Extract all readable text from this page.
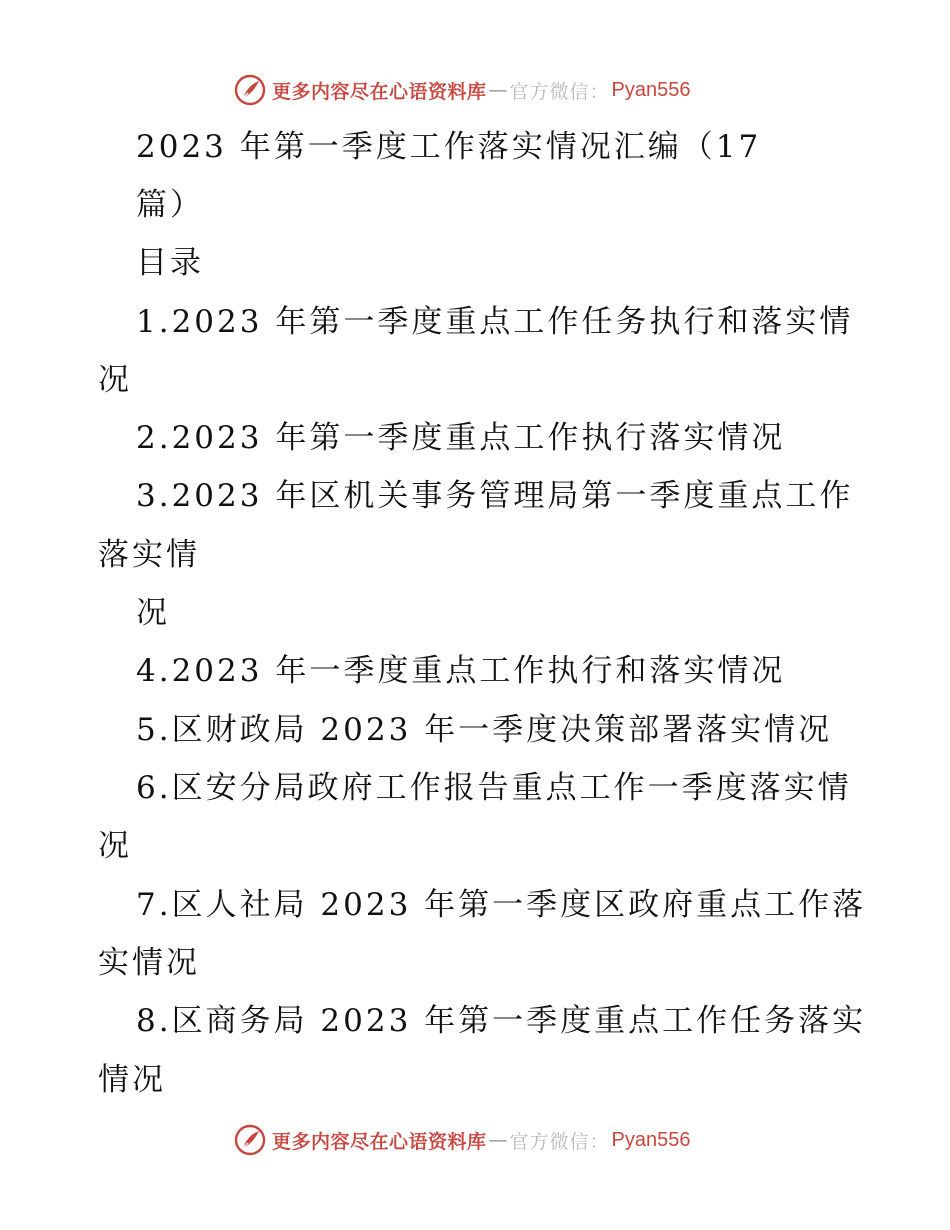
更多内容尽在心语资料库 — 官方微信： Pyan556
2023 年第一季度工作落实情况汇编（17
篇）
目录
1.2023 年第一季度重点工作任务执行和落实情
况
2.2023 年第一季度重点工作执行落实情况
3.2023 年区机关事务管理局第一季度重点工作
落实情
况
4.2023 年一季度重点工作执行和落实情况
5.区财政局 2023 年一季度决策部署落实情况
6.区安分局政府工作报告重点工作一季度落实情
况
7.区人社局 2023 年第一季度区政府重点工作落
实情况
8.区商务局 2023 年第一季度重点工作任务落实
情况
更多内容尽在心语资料库 — 官方微信： Pyan556
